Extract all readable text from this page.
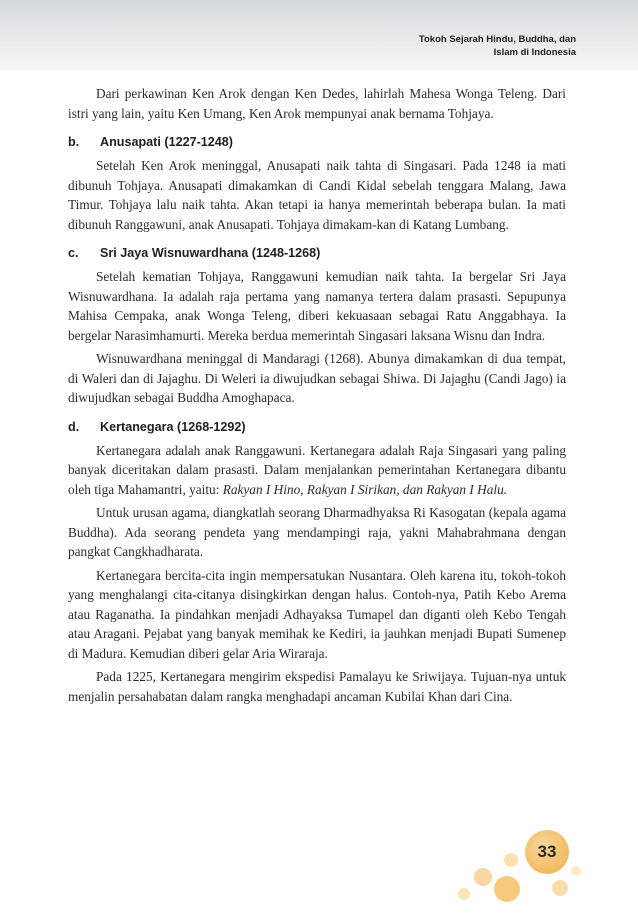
Tokoh Sejarah Hindu, Buddha, dan
Islam di Indonesia

Dari perkawinan Ken Arok dengan Ken Dedes, lahirlah Mahesa Wonga Teleng. Dari istri yang lain, yaitu Ken Umang, Ken Arok mempunyai anak bernama Tohjaya.

b. Anusapati (1227-1248)

Setelah Ken Arok meninggal, Anusapati naik tahta di Singasari. Pada 1248 ia mati dibunuh Tohjaya. Anusapati dimakamkan di Candi Kidal sebelah tenggara Malang, Jawa Timur. Tohjaya lalu naik tahta. Akan tetapi ia hanya memerintah beberapa bulan. Ia mati dibunuh Ranggawuni, anak Anusapati. Tohjaya dimakam-kan di Katang Lumbang.

c. Sri Jaya Wisnuwardhana (1248-1268)

Setelah kematian Tohjaya, Ranggawuni kemudian naik tahta. Ia bergelar Sri Jaya Wisnuwardhana. Ia adalah raja pertama yang namanya tertera dalam prasasti. Sepupunya Mahisa Cempaka, anak Wonga Teleng, diberi kekuasaan sebagai Ratu Anggabhaya. Ia bergelar Narasimhamurti. Mereka berdua memerintah Singasari laksana Wisnu dan Indra.

Wisnuwardhana meninggal di Mandaragi (1268). Abunya dimakamkan di dua tempat, di Waleri dan di Jajaghu. Di Weleri ia diwujudkan sebagai Shiwa. Di Jajaghu (Candi Jago) ia diwujudkan sebagai Buddha Amoghapaca.

d. Kertanegara (1268-1292)

Kertanegara adalah anak Ranggawuni. Kertanegara adalah Raja Singasari yang paling banyak diceritakan dalam prasasti. Dalam menjalankan pemerintahan Kertanegara dibantu oleh tiga Mahamantri, yaitu: Rakyan I Hino, Rakyan I Sirikan, dan Rakyan I Halu.

Untuk urusan agama, diangkatlah seorang Dharmadhyaksa Ri Kasogatan (kepala agama Buddha). Ada seorang pendeta yang mendampingi raja, yakni Mahabrahmana dengan pangkat Cangkhadharata.

Kertanegara bercita-cita ingin mempersatukan Nusantara. Oleh karena itu, tokoh-tokoh yang menghalangi cita-citanya disingkirkan dengan halus. Contoh-nya, Patih Kebo Arema atau Raganatha. Ia pindahkan menjadi Adhayaksa Tumapel dan diganti oleh Kebo Tengah atau Aragani. Pejabat yang banyak memihak ke Kediri, ia jauhkan menjadi Bupati Sumenep di Madura. Kemudian diberi gelar Aria Wiraraja.

Pada 1225, Kertanegara mengirim ekspedisi Pamalayu ke Sriwijaya. Tujuan-nya untuk menjalin persahabatan dalam rangka menghadapi ancaman Kubilai Khan dari Cina.

33
